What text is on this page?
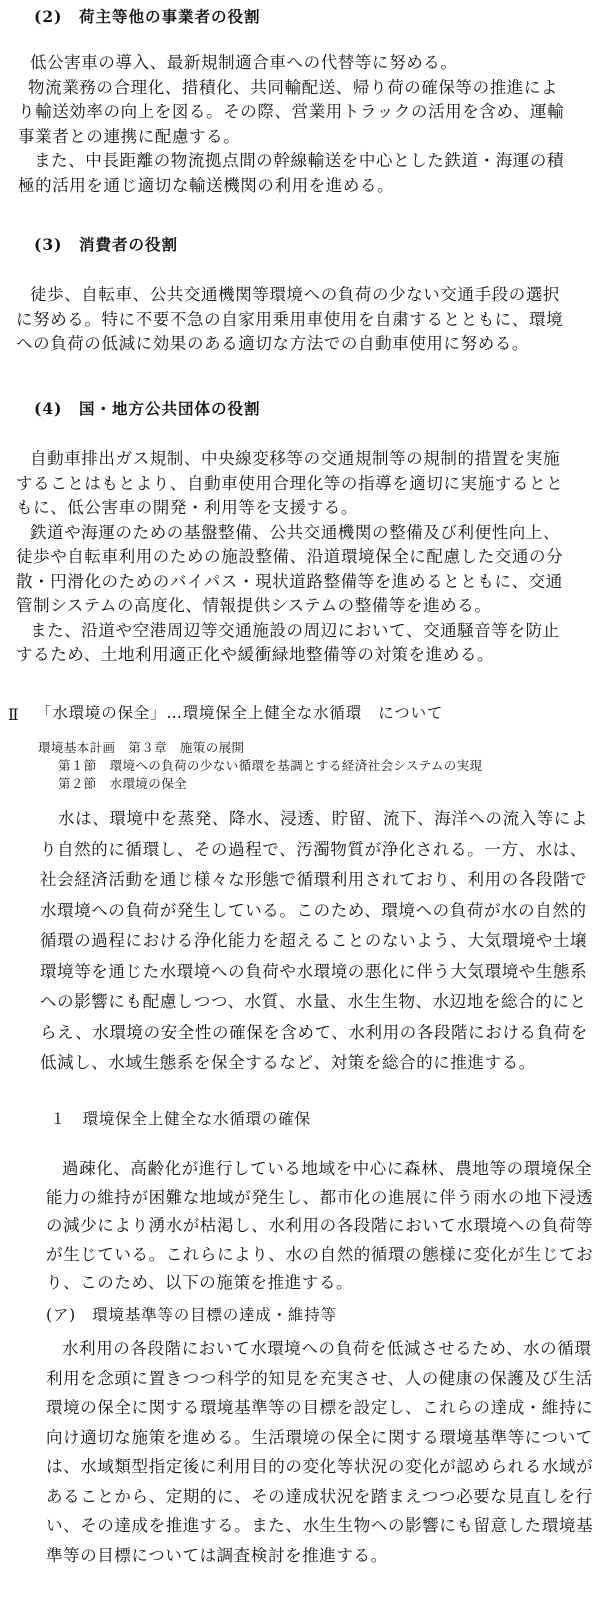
(2)　荷主等他の事業者の役割
低公害車の導入、最新規制適合車への代替等に努める。
物流業務の合理化、措積化、共同輸配送、帰り荷の確保等の推進によ
り輸送効率の向上を図る。その際、営業用トラックの活用を含め、運輸
事業者との連携に配慮する。
また、中長距離の物流拠点間の幹線輸送を中心とした鉄道・海運の積
極的活用を通じ適切な輸送機関の利用を進める。
(3)　消費者の役割
徒歩、自転車、公共交通機関等環境への負荷の少ない交通手段の選択
に努める。特に不要不急の自家用乗用車使用を自粛するとともに、環境
への負荷の低減に効果のある適切な方法での自動車使用に努める。
(4)　国・地方公共団体の役割
自動車排出ガス規制、中央線変移等の交通規制等の規制的措置を実施
することはもとより、自動車使用合理化等の指導を適切に実施するとと
もに、低公害車の開発・利用等を支援する。
鉄道や海運のための基盤整備、公共交通機関の整備及び利便性向上、
徒歩や自転車利用のための施設整備、沿道環境保全に配慮した交通の分
散・円滑化のためのバイパス・現状道路整備等を進めるとともに、交通
管制システムの高度化、情報提供システムの整備等を進める。
また、沿道や空港周辺等交通施設の周辺において、交通騒音等を防止
するため、土地利用適正化や緩衝緑地整備等の対策を進める。
Ⅱ 「水環境の保全」…環境保全上健全な水循環　について
環境基本計画　第３章　施策の展開
第１節　環境への負荷の少ない循環を基調とする経済社会システムの実現
第２節　水環境の保全
水は、環境中を蒸発、降水、浸透、貯留、流下、海洋への流入等によ
り自然的に循環し、その過程で、汚濁物質が浄化される。一方、水は、
社会経済活動を通じ様々な形態で循環利用されており、利用の各段階で
水環境への負荷が発生している。このため、環境への負荷が水の自然的
循環の過程における浄化能力を超えることのないよう、大気環境や土壌
環境等を通じた水環境への負荷や水環境の悪化に伴う大気環境や生態系
への影響にも配慮しつつ、水質、水量、水生生物、水辺地を総合的にと
らえ、水環境の安全性の確保を含めて、水利用の各段階における負荷を
低減し、水域生態系を保全するなど、対策を総合的に推進する。
１　環境保全上健全な水循環の確保
過疎化、高齢化が進行している地域を中心に森林、農地等の環境保全
能力の維持が困難な地域が発生し、都市化の進展に伴う雨水の地下浸透
の減少により湧水が枯渇し、水利用の各段階において水環境への負荷等
が生じている。これらにより、水の自然的循環の態様に変化が生じてお
り、このため、以下の施策を推進する。
(ア)　環境基準等の目標の達成・維持等
水利用の各段階において水環境への負荷を低減させるため、水の循環
利用を念頭に置きつつ科学的知見を充実させ、人の健康の保護及び生活
環境の保全に関する環境基準等の目標を設定し、これらの達成・維持に
向け適切な施策を進める。生活環境の保全に関する環境基準等について
は、水域類型指定後に利用目的の変化等状況の変化が認められる水域が
あることから、定期的に、その達成状況を踏まえつつ必要な見直しを行
い、その達成を推進する。また、水生生物への影響にも留意した環境基
準等の目標については調査検討を推進する。
